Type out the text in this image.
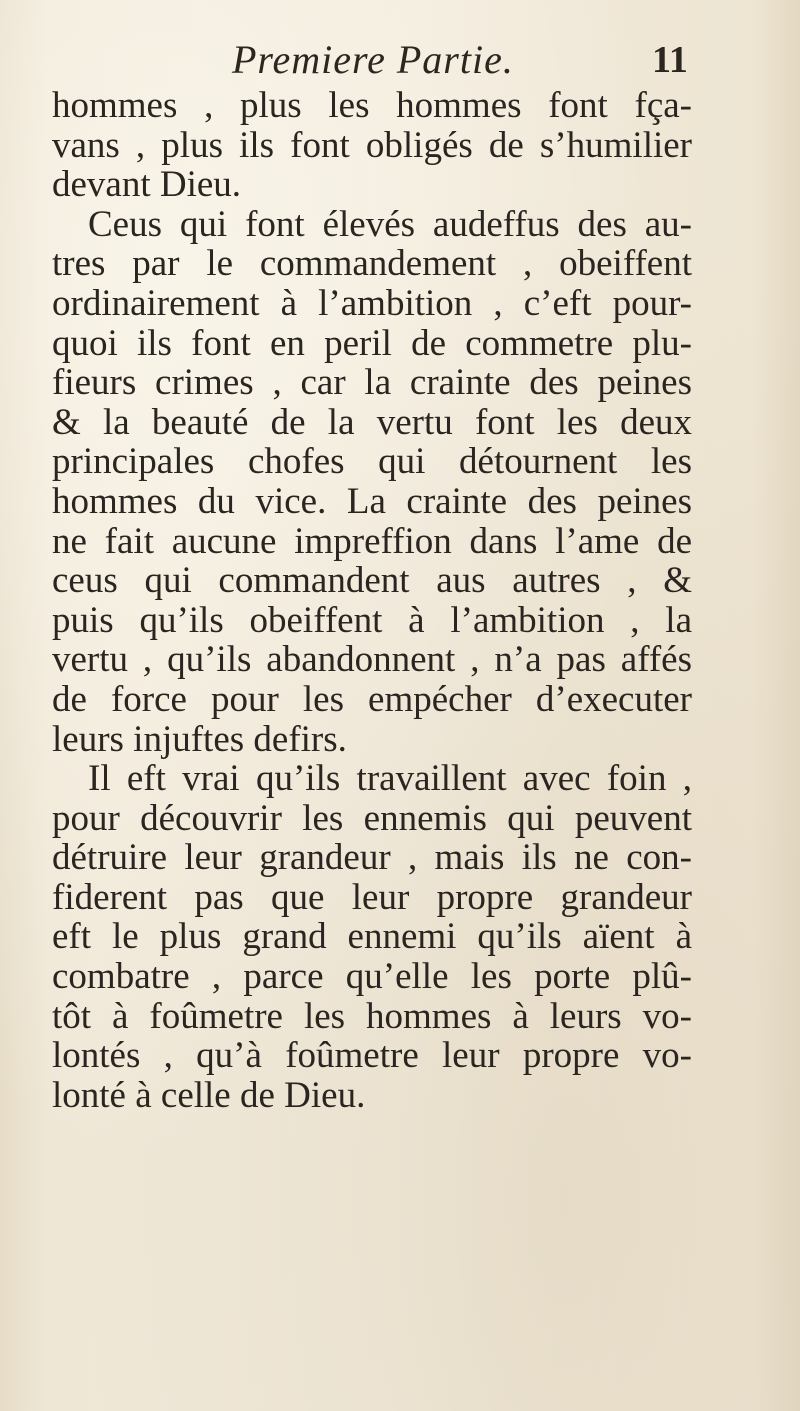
Premiere Partie.	11
hommes , plus les hommes font fça-
vans , plus ils font obligés de s’humilier
devant Dieu.
Ceus qui font élevés audeffus des au-
tres par le commandement , obeiffent
ordinairement à l’ambition , c’eft pour-
quoi ils font en peril de commetre plu-
fieurs crimes , car la crainte des peines
& la beauté de la vertu font les deux
principales chofes qui détournent les
hommes du vice. La crainte des peines
ne fait aucune impreffion dans l’ame de
ceus qui commandent aus autres , &
puis qu’ils obeiffent à l’ambition , la
vertu , qu’ils abandonnent , n’a pas affés
de force pour les empécher d’executer
leurs injuftes defirs.
Il eft vrai qu’ils travaillent avec foin ,
pour découvrir les ennemis qui peuvent
détruire leur grandeur , mais ils ne con-
fiderent pas que leur propre grandeur
eft le plus grand ennemi qu’ils aïent à
combatre , parce qu’elle les porte plû-
tôt à foûmetre les hommes à leurs vo-
lontés , qu’à foûmetre leur propre vo-
lonté à celle de Dieu.
